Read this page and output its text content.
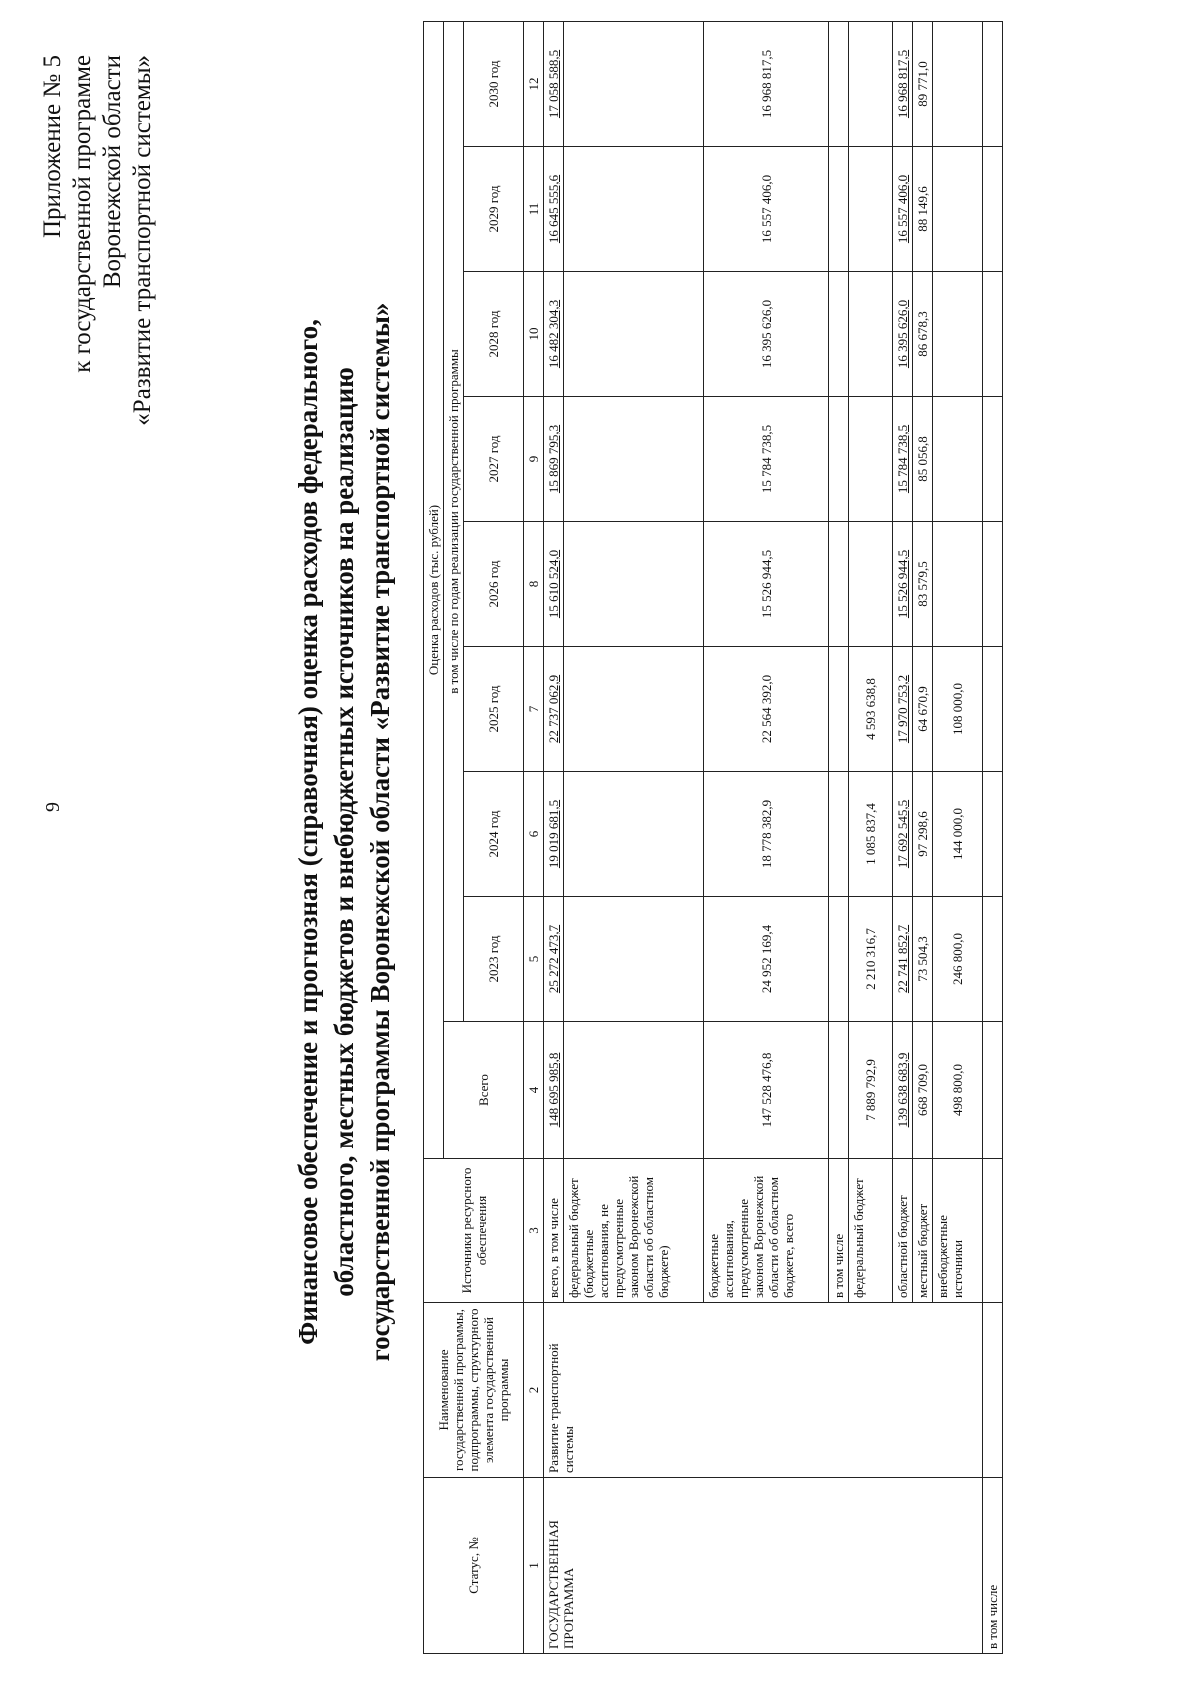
9
Приложение № 5 к государственной программе Воронежской области «Развитие транспортной системы»
Финансовое обеспечение и прогнозная (справочная) оценка расходов федерального, областного, местных бюджетов и внебюджетных источников на реализацию государственной программы Воронежской области «Развитие транспортной системы»
Статус, №	Наименование государственной программы, подпрограммы, структурного элемента государственной программы	Источники ресурсного обеспечения	Оценка расходов (тыс. рублей)								
			Всего	в том числе по годам реализации государственной программы							
				2023 год	2024 год	2025 год	2026 год	2027 год	2028 год	2029 год	2030 год
1	2	3	4	5	6	7	8	9	10	11	12
ГОСУДАРСТВЕННАЯ ПРОГРАММА	Развитие транспортной системы	всего, в том числе	148 695 985,8	25 272 473,7	19 019 681,5	22 737 062,9	15 610 524,0	15 869 795,3	16 482 304,3	16 645 555,6	17 058 588,5
		федеральный бюджет (бюджетные ассигнования, не предусмотренные законом Воронежской области об областном бюджете)									
		бюджетные ассигнования, предусмотренные законом Воронежской области об областном бюджете, всего	147 528 476,8	24 952 169,4	18 778 382,9	22 564 392,0	15 526 944,5	15 784 738,5	16 395 626,0	16 557 406,0	16 968 817,5
		в том числе									
		федеральный бюджет	7 889 792,9	2 210 316,7	1 085 837,4	4 593 638,8					
		областной бюджет	139 638 683,9	22 741 852,7	17 692 545,5	17 970 753,2	15 526 944,5	15 784 738,5	16 395 626,0	16 557 406,0	16 968 817,5
		местный бюджет	668 709,0	73 504,3	97 298,6	64 670,9	83 579,5	85 056,8	86 678,3	88 149,6	89 771,0
		внебюджетные источники	498 800,0	246 800,0	144 000,0	108 000,0					
в том числе											
